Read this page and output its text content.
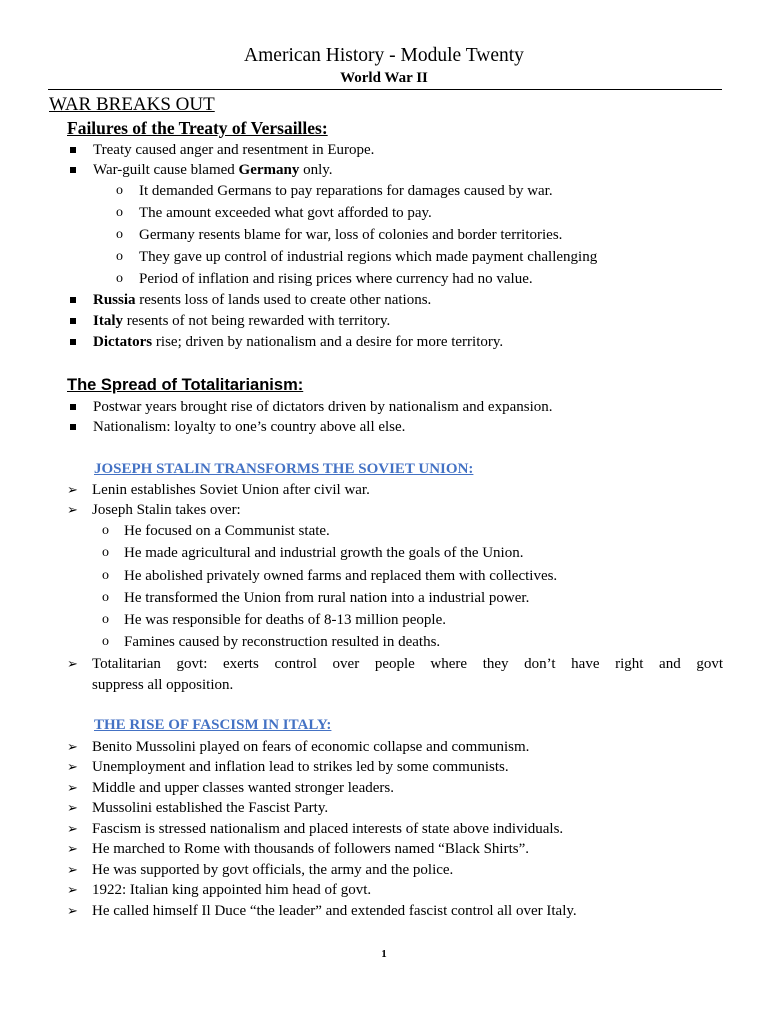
American History - Module Twenty
World War II
WAR BREAKS OUT
Failures of the Treaty of Versailles:
Treaty caused anger and resentment in Europe.
War-guilt cause blamed Germany only.
o It demanded Germans to pay reparations for damages caused by war.
o The amount exceeded what govt afforded to pay.
o Germany resents blame for war, loss of colonies and border territories.
o They gave up control of industrial regions which made payment challenging
o Period of inflation and rising prices where currency had no value.
Russia resents loss of lands used to create other nations.
Italy resents of not being rewarded with territory.
Dictators rise; driven by nationalism and a desire for more territory.
The Spread of Totalitarianism:
Postwar years brought rise of dictators driven by nationalism and expansion.
Nationalism: loyalty to one’s country above all else.
JOSEPH STALIN TRANSFORMS THE SOVIET UNION:
➢ Lenin establishes Soviet Union after civil war.
➢ Joseph Stalin takes over:
o He focused on a Communist state.
o He made agricultural and industrial growth the goals of the Union.
o He abolished privately owned farms and replaced them with collectives.
o He transformed the Union from rural nation into a industrial power.
o He was responsible for deaths of 8-13 million people.
o Famines caused by reconstruction resulted in deaths.
➢ Totalitarian govt: exerts control over people where they don’t have right and govt
suppress all opposition.
THE RISE OF FASCISM IN ITALY:
➢ Benito Mussolini played on fears of economic collapse and communism.
➢ Unemployment and inflation lead to strikes led by some communists.
➢ Middle and upper classes wanted stronger leaders.
➢ Mussolini established the Fascist Party.
➢ Fascism is stressed nationalism and placed interests of state above individuals.
➢ He marched to Rome with thousands of followers named “Black Shirts”.
➢ He was supported by govt officials, the army and the police.
➢ 1922: Italian king appointed him head of govt.
➢ He called himself Il Duce “the leader” and extended fascist control all over Italy.
1
